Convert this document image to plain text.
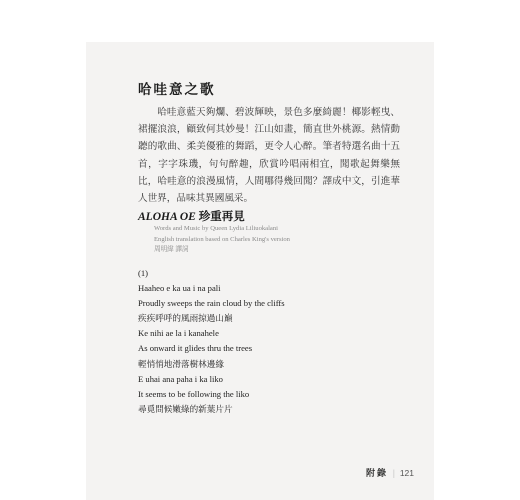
哈哇意之歌

哈哇意藍天夠爛、碧波輝映，景色多麼綺麗！椰影輕曳、裙擺浪浪，顧致何其妙曼！江山如畫，簡直世外桃源。熱情動聽的歌曲、柔美優雅的舞蹈，更令人心醉。筆者特選名曲十五首，字字珠璣，句句醉趣，欣賞吟唱兩相宜，聞歌起舞樂無比，哈哇意的浪漫風情，人間哪得幾回聞？譯成中文，引進華人世界，品味其異國風采。

ALOHA OE 珍重再見
Words and Music by Queen Lydia Liliuokalani
English translation based on Charles King's version
周明緯 譯詞
(1)
Haaheo e ka ua i na pali
Proudly sweeps the rain cloud by the cliffs
疾疾呼呼的風雨掠過山巔
Ke nihi ae la i kanahele
As onward it glides thru the trees
輕悄悄地滑落樹林邊緣
E uhai ana paha i ka liko
It seems to be following the liko
尋覓問候嫩綠的新葉片片
附錄 | 121
